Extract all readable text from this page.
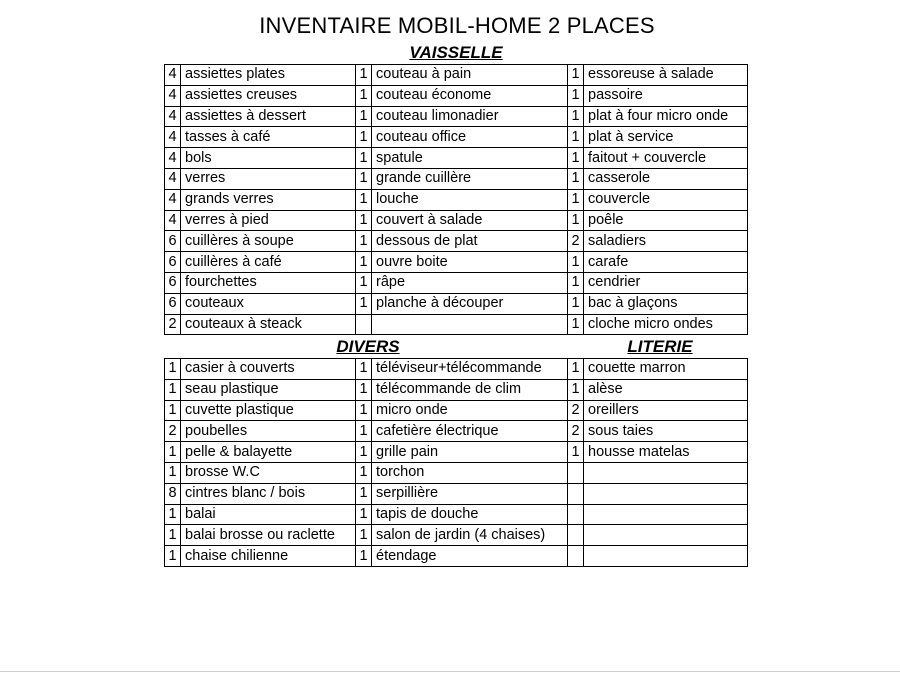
INVENTAIRE MOBIL-HOME 2 PLACES
VAISSELLE
4	assiettes plates	1	couteau à pain	1	essoreuse à salade
4	assiettes creuses	1	couteau économe	1	passoire
4	assiettes à dessert	1	couteau limonadier	1	plat à four micro onde
4	tasses à café	1	couteau office	1	plat à service
4	bols	1	spatule	1	faitout + couvercle
4	verres	1	grande cuillère	1	casserole
4	grands verres	1	louche	1	couvercle
4	verres à pied	1	couvert à salade	1	poêle
6	cuillères à soupe	1	dessous de plat	2	saladiers
6	cuillères à café	1	ouvre boite	1	carafe
6	fourchettes	1	râpe	1	cendrier
6	couteaux	1	planche à découper	1	bac à glaçons
2	couteaux à steack			1	cloche micro ondes
DIVERS	LITERIE
1	casier à couverts	1	téléviseur+télécommande	1	couette marron
1	seau plastique	1	télécommande de clim	1	alèse
1	cuvette plastique	1	micro onde	2	oreillers
2	poubelles	1	cafetière électrique	2	sous taies
1	pelle & balayette	1	grille pain	1	housse matelas
1	brosse W.C	1	torchon		
8	cintres blanc / bois	1	serpillière		
1	balai	1	tapis de douche		
1	balai brosse ou raclette	1	salon de jardin (4 chaises)		
1	chaise chilienne	1	étendage		
